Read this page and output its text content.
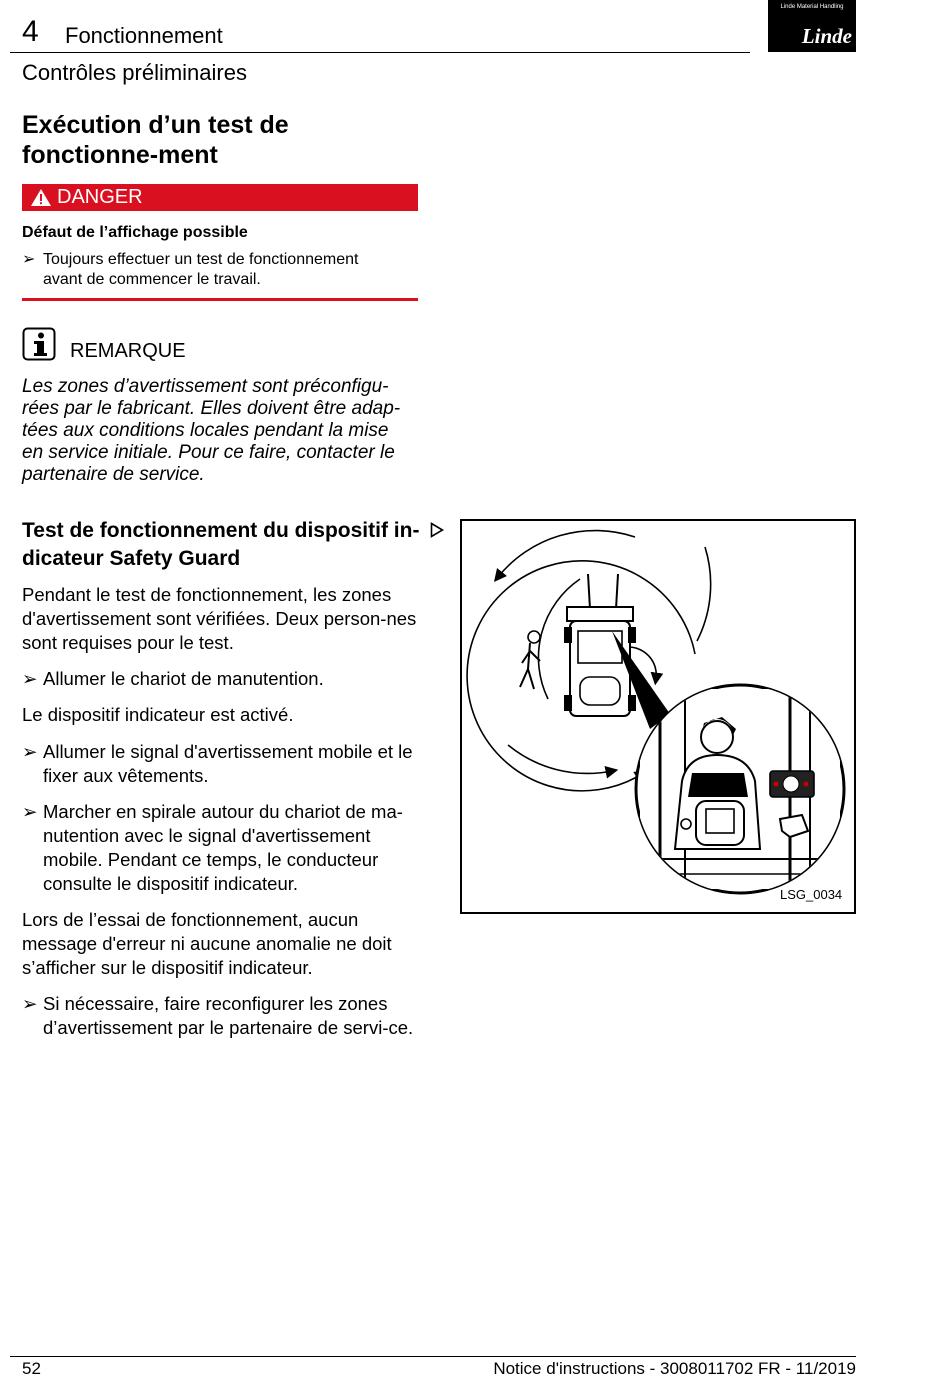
4 Fonctionnement
Linde Material Handling
Linde
Contrôles préliminaires
Exécution d’un test de fonctionne-ment
DANGER
Défaut de l’affichage possible
➢ Toujours effectuer un test de fonctionnement avant de commencer le travail.
REMARQUE
Les zones d’avertissement sont préconfigu-rées par le fabricant. Elles doivent être adap-tées aux conditions locales pendant la mise en service initiale. Pour ce faire, contacter le partenaire de service.
Test de fonctionnement du dispositif in-dicateur Safety Guard
Pendant le test de fonctionnement, les zones d'avertissement sont vérifiées. Deux person-nes sont requises pour le test.
➢ Allumer le chariot de manutention.
Le dispositif indicateur est activé.
➢ Allumer le signal d'avertissement mobile et le fixer aux vêtements.
➢ Marcher en spirale autour du chariot de ma-nutention avec le signal d'avertissement mobile. Pendant ce temps, le conducteur consulte le dispositif indicateur.
Lors de l’essai de fonctionnement, aucun message d'erreur ni aucune anomalie ne doit s’afficher sur le dispositif indicateur.
➢ Si nécessaire, faire reconfigurer les zones d’avertissement par le partenaire de servi-ce.
LSG_0034
52	Notice d'instructions - 3008011702 FR - 11/2019
